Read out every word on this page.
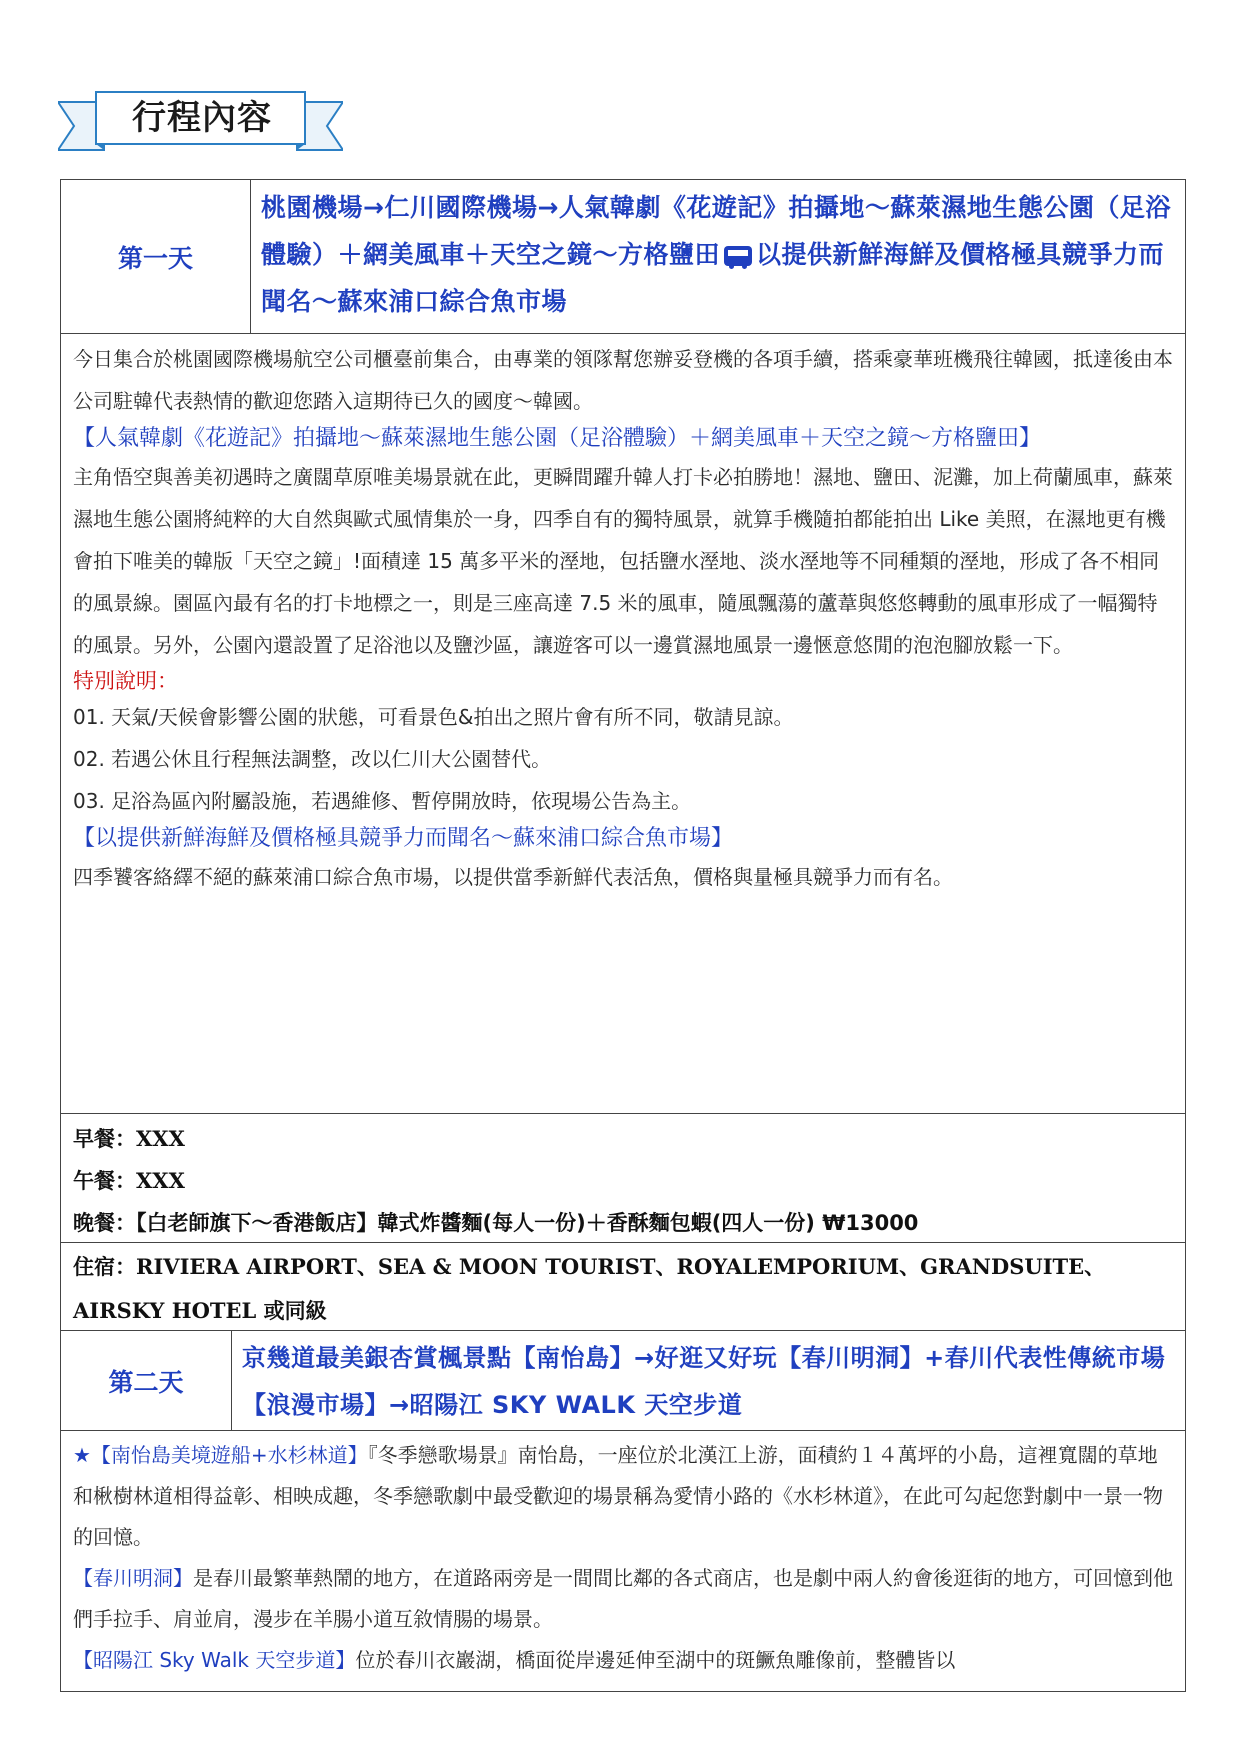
行程內容
第一天
桃園機場→仁川國際機場→人氣韓劇《花遊記》拍攝地～蘇萊濕地生態公園（足浴體驗）＋網美風車＋天空之鏡～方格鹽田 以提供新鮮海鮮及價格極具競爭力而聞名～蘇來浦口綜合魚市場

今日集合於桃園國際機場航空公司櫃臺前集合，由專業的領隊幫您辦妥登機的各項手續，搭乘豪華班機飛往韓國，抵達後由本公司駐韓代表熱情的歡迎您踏入這期待已久的國度～韓國。

【人氣韓劇《花遊記》拍攝地～蘇萊濕地生態公園（足浴體驗）＋網美風車＋天空之鏡～方格鹽田】

主角悟空與善美初遇時之廣闊草原唯美場景就在此，更瞬間躍升韓人打卡必拍勝地！濕地、鹽田、泥灘，加上荷蘭風車，蘇萊濕地生態公園將純粹的大自然與歐式風情集於一身，四季自有的獨特風景，就算手機隨拍都能拍出 Like 美照，在濕地更有機會拍下唯美的韓版「天空之鏡」!面積達 15 萬多平米的溼地，包括鹽水溼地、淡水溼地等不同種類的溼地，形成了各不相同的風景線。園區內最有名的打卡地標之一，則是三座高達 7.5 米的風車，隨風飄蕩的蘆葦與悠悠轉動的風車形成了一幅獨特的風景。另外，公園內還設置了足浴池以及鹽沙區，讓遊客可以一邊賞濕地風景一邊愜意悠閒的泡泡腳放鬆一下。

特別說明：

01. 天氣/天候會影響公園的狀態，可看景色&拍出之照片會有所不同，敬請見諒。

02. 若遇公休且行程無法調整，改以仁川大公園替代。

03. 足浴為區內附屬設施，若遇維修、暫停開放時，依現場公告為主。

【以提供新鮮海鮮及價格極具競爭力而聞名～蘇來浦口綜合魚市場】

四季饕客絡繹不絕的蘇萊浦口綜合魚市場，以提供當季新鮮代表活魚，價格與量極具競爭力而有名。

早餐：XXX
午餐：XXX
晚餐：【白老師旗下～香港飯店】韓式炸醬麵(每人一份)＋香酥麵包蝦(四人一份) ₩13000
住宿：RIVIERA AIRPORT、SEA & MOON TOURIST、ROYALEMPORIUM、GRANDSUITE、AIRSKY HOTEL 或同級
第二天
京幾道最美銀杏賞楓景點【南怡島】→好逛又好玩【春川明洞】+春川代表性傳統市場【浪漫市場】→昭陽江 SKY WALK 天空步道

★【南怡島美境遊船+水杉林道】『冬季戀歌場景』南怡島，一座位於北漢江上游，面積約１４萬坪的小島，這裡寬闊的草地和楸樹林道相得益彰、相映成趣，冬季戀歌劇中最受歡迎的場景稱為愛情小路的《水杉林道》，在此可勾起您對劇中一景一物的回憶。

【春川明洞】是春川最繁華熱鬧的地方，在道路兩旁是一間間比鄰的各式商店，也是劇中兩人約會後逛街的地方，可回憶到他們手拉手、肩並肩，漫步在羊腸小道互敘情腸的場景。

【昭陽江 Sky Walk 天空步道】位於春川衣巖湖，橋面從岸邊延伸至湖中的斑鱖魚雕像前，整體皆以
